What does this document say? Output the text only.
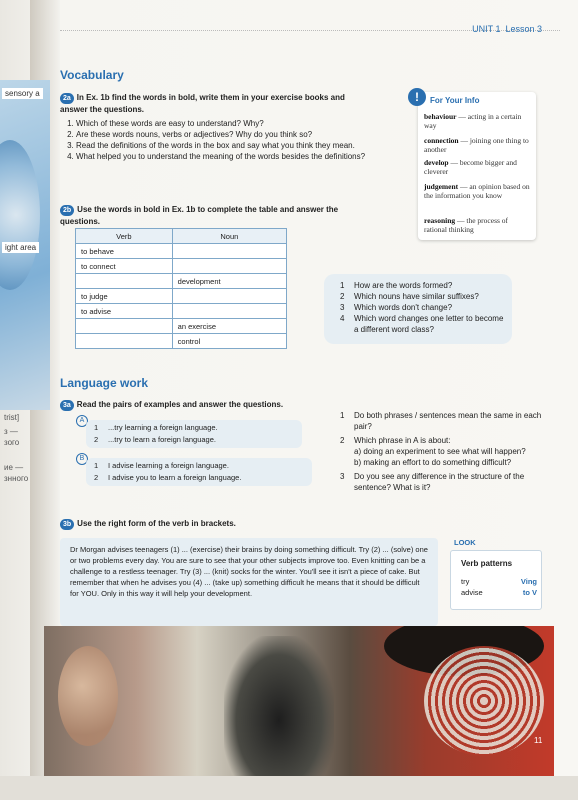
UNIT 1 Lesson 3
sensory a
ight area
trist]
з —
зого
ие —
знного
Vocabulary
2a In Ex. 1b find the words in bold, write them in your exercise books and answer the questions.
1. Which of these words are easy to understand? Why?
2. Are these words nouns, verbs or adjectives? Why do you think so?
3. Read the definitions of the words in the box and say what you think they mean.
4. What helped you to understand the meaning of the words besides the definitions?
2b Use the words in bold in Ex. 1b to complete the table and answer the questions.
Verb	Noun
to behave	
to connect	
	development
to judge	
to advise	
	an exercise
	control
1	How are the words formed?
2	Which nouns have similar suffixes?
3	Which words don't change?
4	Which word changes one letter to become a different word class?
!	For Your Info
behaviour — acting in a certain way
connection — joining one thing to another
develop — become bigger and cleverer
judgement — an opinion based on the information you know
reasoning — the process of rational thinking
Language work
3a Read the pairs of examples and answer the questions.
A
1	...try learning a foreign language.
2	...try to learn a foreign language.
B
1	I advise learning a foreign language.
2	I advise you to learn a foreign language.
1	Do both phrases / sentences mean the same in each pair?
2	Which phrase in A is about:
a) doing an experiment to see what will happen?
b) making an effort to do something difficult?
3	Do you see any difference in the structure of the sentence? What is it?
3b Use the right form of the verb in brackets.
Dr Morgan advises teenagers (1) ... (exercise) their brains by doing something difficult. Try (2) ... (solve) one or two problems every day. You are sure to see that your other subjects improve too. Even knitting can be a challenge to a restless teenager. Try (3) ... (knit) socks for the winter. You'll see it isn't a piece of cake. But remember that when he advises you (4) ... (take up) something difficult he means that it should be difficult for YOU. Only in this way it will help your development.
LOOK
Verb patterns
try	Ving
advise	to V
11
